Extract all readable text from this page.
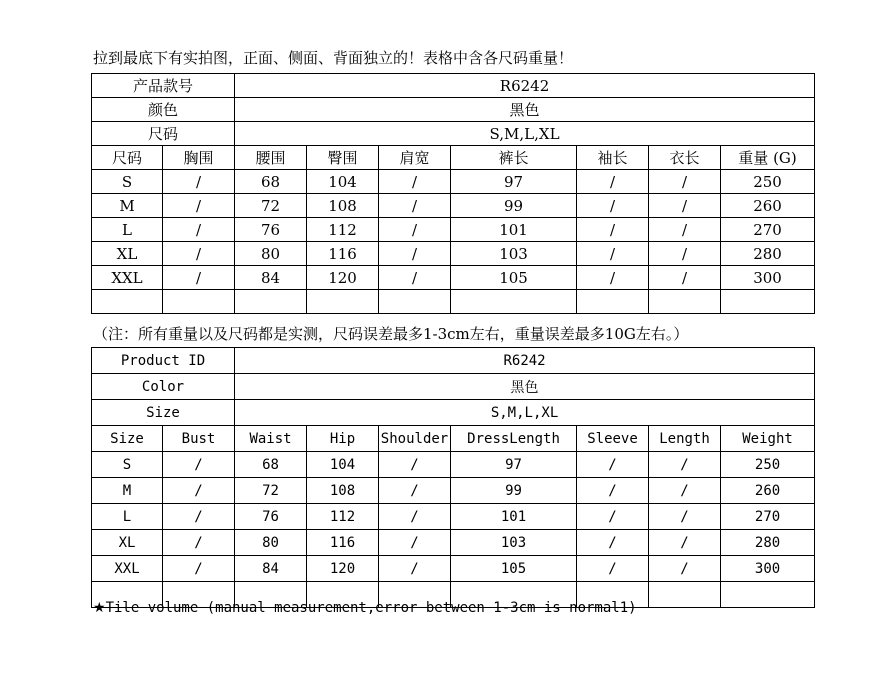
拉到最底下有实拍图，正面、侧面、背面独立的！表格中含各尺码重量！
产品款号		R6242						
颜色		黑色						
尺码		S,M,L,XL						
尺码	胸围	腰围	臀围	肩宽	裤长	袖长	衣长	重量 (G)
S	/	68	104	/	97	/	/	250
M	/	72	108	/	99	/	/	260
L	/	76	112	/	101	/	/	270
XL	/	80	116	/	103	/	/	280
XXL	/	84	120	/	105	/	/	300

（注：所有重量以及尺码都是实测，尺码误差最多1-3cm左右，重量误差最多10G左右。）
Product ID		R6242						
Color		黑色						
Size		S,M,L,XL						
Size	Bust	Waist	Hip	Shoulder	DressLength	Sleeve	Length	Weight
S	/	68	104	/	97	/	/	250
M	/	72	108	/	99	/	/	260
L	/	76	112	/	101	/	/	270
XL	/	80	116	/	103	/	/	280
XXL	/	84	120	/	105	/	/	300

★Tile volume (manual measurement,error between 1-3cm is normal1)
